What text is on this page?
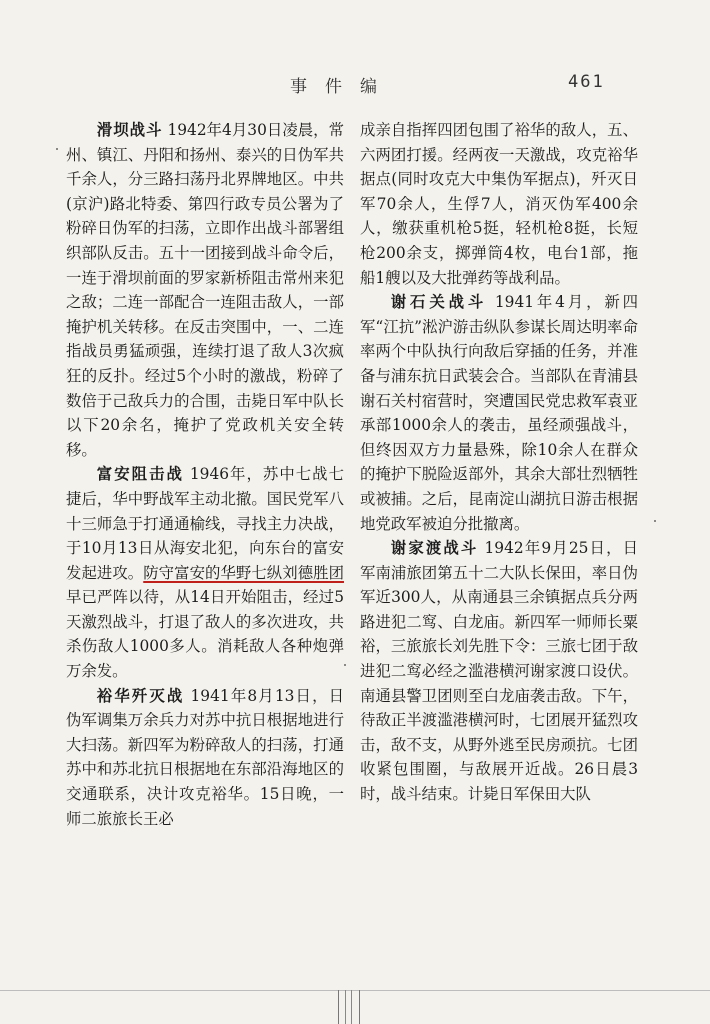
事件编	461

滑坝战斗 1942年4月30日凌晨，常州、镇江、丹阳和扬州、泰兴的日伪军共千余人，分三路扫荡丹北界牌地区。中共(京沪)路北特委、第四行政专员公署为了粉碎日伪军的扫荡，立即作出战斗部署组织部队反击。五十一团接到战斗命令后，一连于滑坝前面的罗家新桥阻击常州来犯之敌；二连一部配合一连阻击敌人，一部掩护机关转移。在反击突围中，一、二连指战员勇猛顽强，连续打退了敌人3次疯狂的反扑。经过5个小时的激战，粉碎了数倍于己敌兵力的合围，击毙日军中队长以下20余名，掩护了党政机关安全转移。

富安阻击战 1946年，苏中七战七捷后，华中野战军主动北撤。国民党军八十三师急于打通通榆线，寻找主力决战，于10月13日从海安北犯，向东台的富安发起进攻。防守富安的华野七纵刘德胜团早已严阵以待，从14日开始阻击，经过5天激烈战斗，打退了敌人的多次进攻，共杀伤敌人1000多人。消耗敌人各种炮弹万余发。

裕华歼灭战 1941年8月13日，日伪军调集万余兵力对苏中抗日根据地进行大扫荡。新四军为粉碎敌人的扫荡，打通苏中和苏北抗日根据地在东部沿海地区的交通联系，决计攻克裕华。15日晚，一师二旅旅长王必

成亲自指挥四团包围了裕华的敌人，五、六两团打援。经两夜一天激战，攻克裕华据点(同时攻克大中集伪军据点)，歼灭日军70余人，生俘7人，消灭伪军400余人，缴获重机枪5挺，轻机枪8挺，长短枪200余支，掷弹筒4枚，电台1部，拖船1艘以及大批弹药等战利品。

谢石关战斗 1941年4月，新四军“江抗”淞沪游击纵队参谋长周达明率命率两个中队执行向敌后穿插的任务，并准备与浦东抗日武装会合。当部队在青浦县谢石关村宿营时，突遭国民党忠救军袁亚承部1000余人的袭击，虽经顽强战斗，但终因双方力量悬殊，除10余人在群众的掩护下脱险返部外，其余大部壮烈牺牲或被捕。之后，昆南淀山湖抗日游击根据地党政军被迫分批撤离。

谢家渡战斗 1942年9月25日，日军南浦旅团第五十二大队长保田，率日伪军近300人，从南通县三余镇据点兵分两路进犯二窎、白龙庙。新四军一师师长粟裕，三旅旅长刘先胜下令：三旅七团于敌进犯二窎必经之滥港横河谢家渡口设伏。南通县警卫团则至白龙庙袭击敌。下午，待敌正半渡滥港横河时，七团展开猛烈攻击，敌不支，从野外逃至民房顽抗。七团收紧包围圈，与敌展开近战。26日晨3时，战斗结束。计毙日军保田大队
